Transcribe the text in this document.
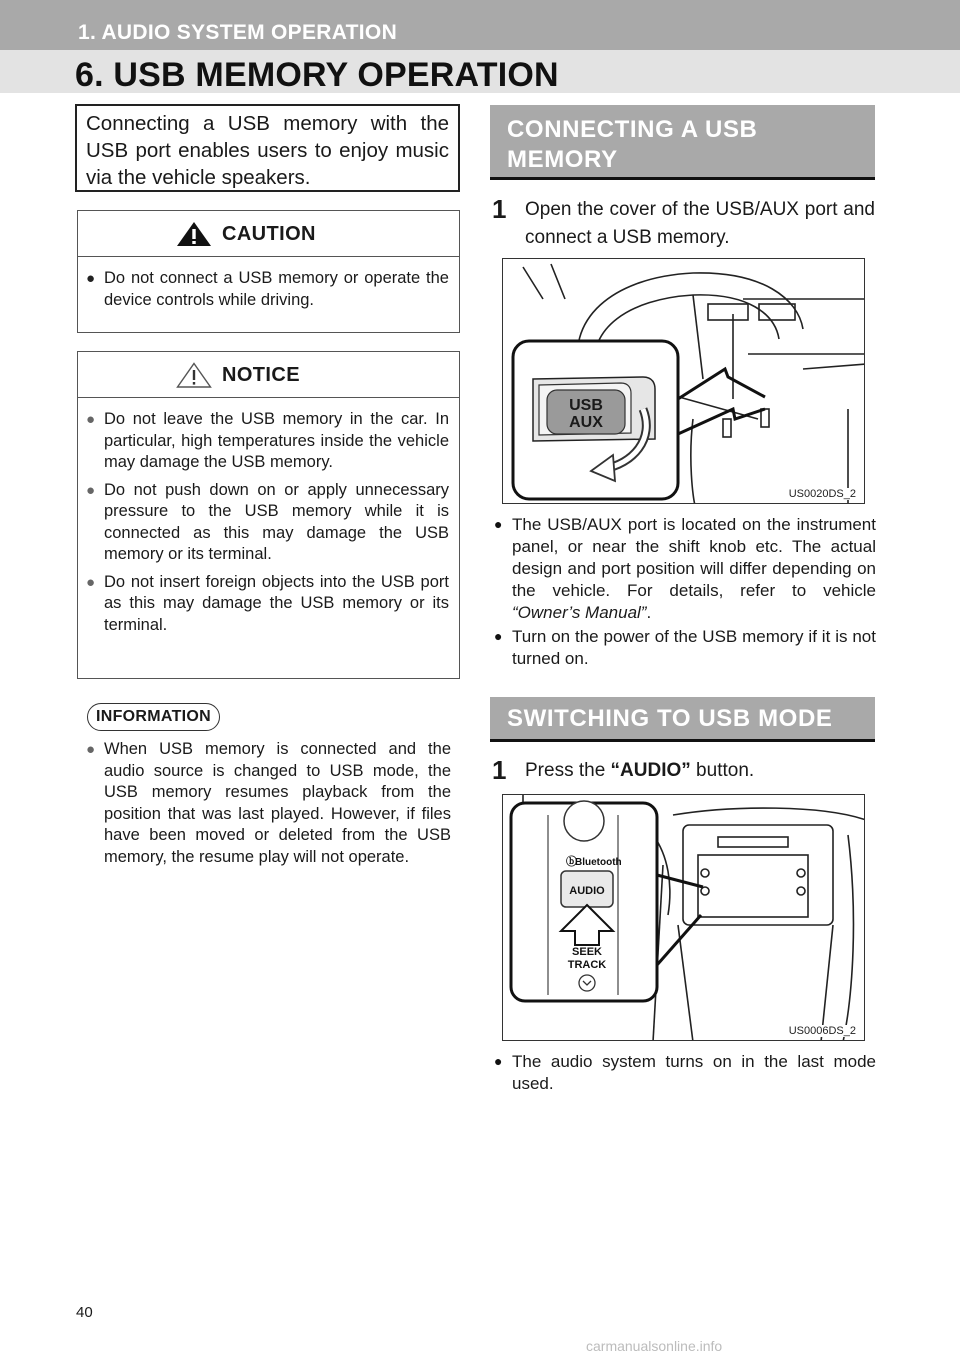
1. AUDIO SYSTEM OPERATION
6. USB MEMORY OPERATION
Connecting a USB memory with the USB port enables users to enjoy music via the vehicle speakers.
CAUTION
● Do not connect a USB memory or operate the device controls while driving.
NOTICE
● Do not leave the USB memory in the car. In particular, high temperatures inside the vehicle may damage the USB memory.
● Do not push down on or apply unnecessary pressure to the USB memory while it is connected as this may damage the USB memory or its terminal.
● Do not insert foreign objects into the USB port as this may damage the USB memory or its terminal.
INFORMATION
● When USB memory is connected and the audio source is changed to USB mode, the USB memory resumes playback from the position that was last played. However, if files have been moved or deleted from the USB memory, the resume play will not operate.
CONNECTING A USB
MEMORY
1 Open the cover of the USB/AUX port and connect a USB memory.
USB
AUX
US0020DS_2
● The USB/AUX port is located on the instrument panel, or near the shift knob etc. The actual design and port position will differ depending on the vehicle. For details, refer to vehicle “Owner’s Manual”.
● Turn on the power of the USB memory if it is not turned on.
SWITCHING TO USB MODE
1 Press the “AUDIO” button.
ⓑ
Bluetooth
AUDIO
SEEK
TRACK
US0006DS_2
● The audio system turns on in the last mode used.
40
carmanualsonline.info
